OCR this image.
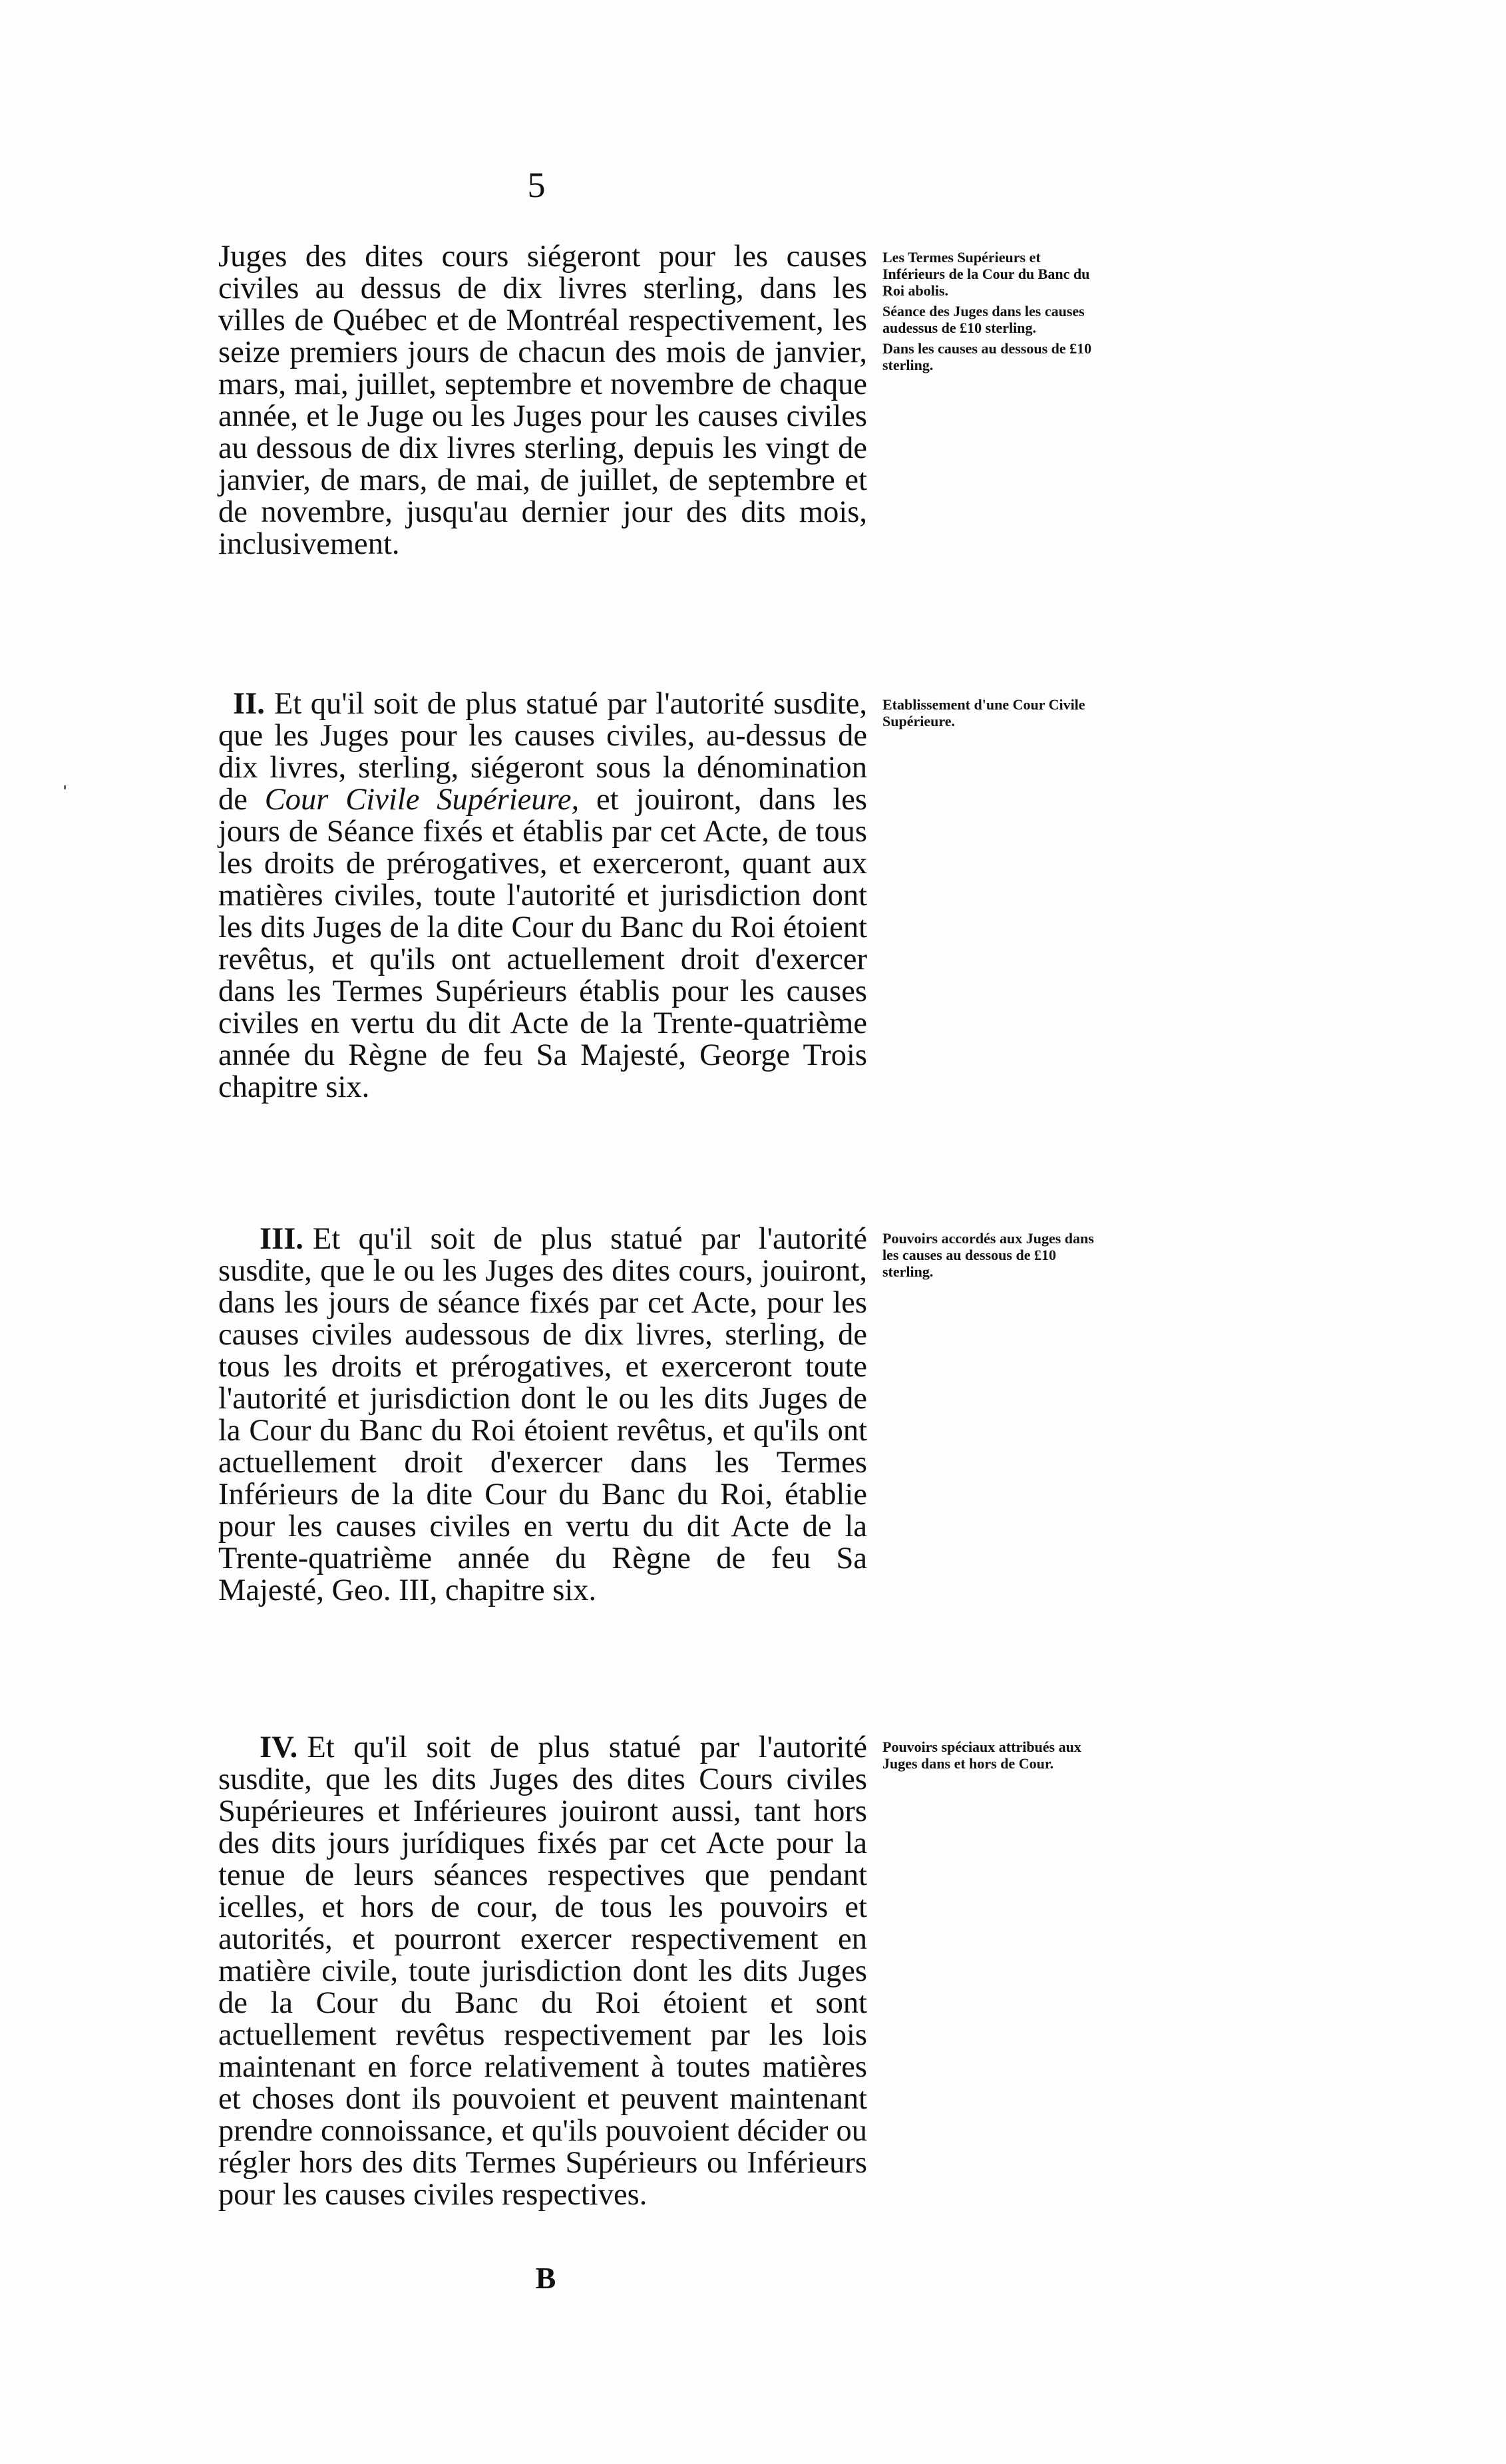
5

Juges des dites cours siégeront pour les causes civiles au dessus de dix livres sterling, dans les villes de Québec et de Montréal respectivement, les seize premiers jours de chacun des mois de janvier, mars, mai, juillet, septembre et novembre de chaque année, et le Juge ou les Juges pour les causes civiles au dessous de dix livres sterling, depuis les vingt de janvier, de mars, de mai, de juillet, de septembre et de novembre, jusqu'au dernier jour des dits mois, inclusivement.

Les Termes Supérieurs et Inférieurs de la Cour du Banc du Roi abolis.

Séance des Juges dans les causes audessus de £10 sterling.

Dans les causes au dessous de £10 sterling.

II. Et qu'il soit de plus statué par l'autorité susdite, que les Juges pour les causes civiles, au-dessus de dix livres, sterling, siégeront sous la dénomination de Cour Civile Supérieure, et jouiront, dans les jours de Séance fixés et établis par cet Acte, de tous les droits de prérogatives, et exerceront, quant aux matières civiles, toute l'autorité et jurisdiction dont les dits Juges de la dite Cour du Banc du Roi étoient revêtus, et qu'ils ont actuellement droit d'exercer dans les Termes Supérieurs établis pour les causes civiles en vertu du dit Acte de la Trente-quatrième année du Règne de feu Sa Majesté, George Trois chapitre six.

Etablissement d'une Cour Civile Supérieure.

III. Et qu'il soit de plus statué par l'autorité susdite, que le ou les Juges des dites cours, jouiront, dans les jours de séance fixés par cet Acte, pour les causes civiles audessous de dix livres, sterling, de tous les droits et prérogatives, et exerceront toute l'autorité et jurisdiction dont le ou les dits Juges de la Cour du Banc du Roi étoient revêtus, et qu'ils ont actuellement droit d'exercer dans les Termes Inférieurs de la dite Cour du Banc du Roi, établie pour les causes civiles en vertu du dit Acte de la Trente-quatrième année du Règne de feu Sa Majesté, Geo. III, chapitre six.

Pouvoirs accordés aux Juges dans les causes au dessous de £10 sterling.

IV. Et qu'il soit de plus statué par l'autorité susdite, que les dits Juges des dites Cours civiles Supérieures et Inférieures jouiront aussi, tant hors des dits jours jurídiques fixés par cet Acte pour la tenue de leurs séances respectives que pendant icelles, et hors de cour, de tous les pouvoirs et autorités, et pourront exercer respectivement en matière civile, toute jurisdiction dont les dits Juges de la Cour du Banc du Roi étoient et sont actuellement revêtus respectivement par les lois maintenant en force relativement à toutes matières et choses dont ils pouvoient et peuvent maintenant prendre connoissance, et qu'ils pouvoient décider ou régler hors des dits Termes Supérieurs ou Inférieurs pour les causes civiles respectives.

Pouvoirs spéciaux attribués aux Juges dans et hors de Cour.

B
